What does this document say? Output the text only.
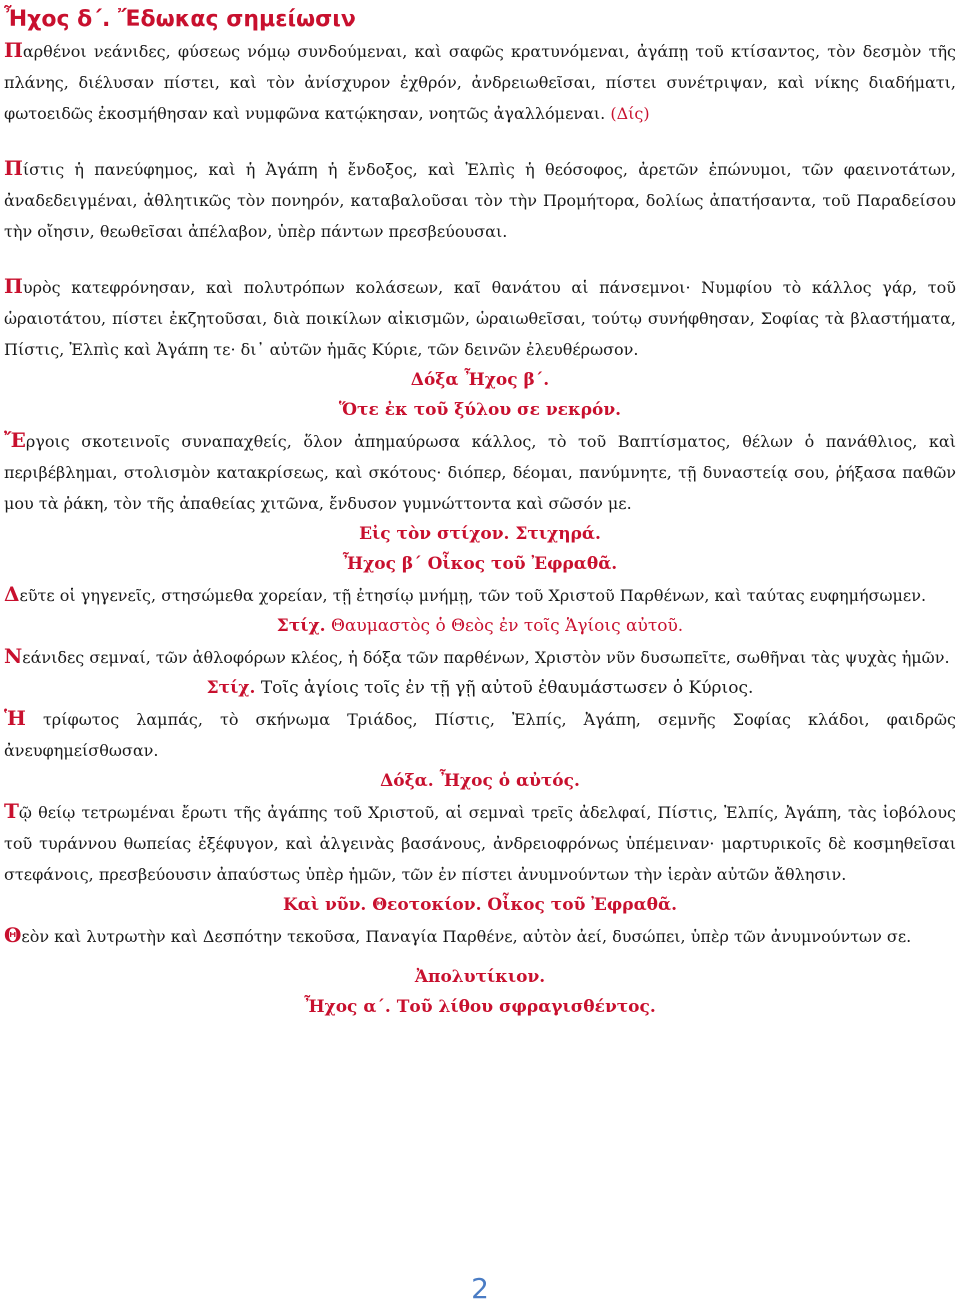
Ἦχος δ΄. Ἔδωκας σημείωσιν

Παρθένοι νεάνιδες, φύσεως νόμῳ συνδούμεναι, καὶ σαφῶς κρατυνόμεναι, ἀγάπῃ τοῦ κτίσαντος, τὸν δεσμὸν τῆς πλάνης, διέλυσαν πίστει, καὶ τὸν ἀνίσχυρον ἐχθρόν, ἀνδρειωθεῖσαι, πίστει συνέτριψαν, καὶ νίκης διαδήματι, φωτοειδῶς ἐκοσμήθησαν καὶ νυμφῶνα κατῴκησαν, νοητῶς ἀγαλλόμεναι. (Δίς)

Πίστις ἡ πανεύφημος, καὶ ἡ Ἀγάπη ἡ ἔνδοξος, καὶ Ἐλπὶς ἡ θεόσοφος, ἀρετῶν ἐπώνυμοι, τῶν φαεινοτάτων, ἀναδεδειγμέναι, ἀθλητικῶς τὸν πονηρόν, καταβαλοῦσαι τὸν τὴν Προμήτορα, δολίως ἀπατήσαντα, τοῦ Παραδείσου τὴν οἴησιν, θεωθεῖσαι ἀπέλαβον, ὑπὲρ πάντων πρεσβεύουσαι.

Πυρὸς κατεφρόνησαν, καὶ πολυτρόπων κολάσεων, καῖ θανάτου αἱ πάνσεμνοι· Νυμφίου τὸ κάλλος γάρ, τοῦ ὡραιοτάτου, πίστει ἐκζητοῦσαι, διὰ ποικίλων αἰκισμῶν, ὡραιωθεῖσαι, τούτῳ συνήφθησαν, Σοφίας τὰ βλαστήματα, Πίστις, Ἐλπὶς καὶ Ἀγάπη τε· δι᾽ αὐτῶν ἡμᾶς Κύριε, τῶν δεινῶν ἐλευθέρωσον.

Δόξα Ἦχος β΄.

Ὅτε ἐκ τοῦ ξύλου σε νεκρόν.

Ἔργοις σκοτεινοῖς συναπαχθείς, ὅλον ἀπημαύρωσα κάλλος, τὸ τοῦ Βαπτίσματος, θέλων ὁ πανάθλιος, καὶ περιβέβλημαι, στολισμὸν κατακρίσεως, καὶ σκότους· διόπερ, δέομαι, πανύμνητε, τῇ δυναστείᾳ σου, ῥήξασα παθῶν μου τὰ ῥάκη, τὸν τῆς ἀπαθείας χιτῶνα, ἔνδυσον γυμνώττοντα καὶ σῶσόν με.

Εἰς τὸν στίχον. Στιχηρά.

Ἦχος β΄ Οἶκος τοῦ Ἐφραθᾶ.

Δεῦτε οἱ γηγενεῖς, στησώμεθα χορείαν, τῇ ἐτησίῳ μνήμῃ, τῶν τοῦ Χριστοῦ Παρθένων, καὶ ταύτας ευφημήσωμεν.

Στίχ. Θαυμαστὸς ὁ Θεὸς ἐν τοῖς Ἁγίοις αὐτοῦ.

Νεάνιδες σεμναί, τῶν ἀθλοφόρων κλέος, ἡ δόξα τῶν παρθένων, Χριστὸν νῦν δυσωπεῖτε, σωθῆναι τὰς ψυχὰς ἡμῶν.

Στίχ. Τοῖς ἁγίοις τοῖς ἐν τῇ γῇ αὐτοῦ ἐθαυμάστωσεν ὁ Κύριος.

Ἡ τρίφωτος λαμπάς, τὸ σκήνωμα Τριάδος, Πίστις, Ἐλπίς, Ἀγάπη, σεμνῆς Σοφίας κλάδοι, φαιδρῶς ἀνευφημείσθωσαν.

Δόξα. Ἦχος ὁ αὐτός.

Τῷ θείῳ τετρωμέναι ἔρωτι τῆς ἀγάπης τοῦ Χριστοῦ, αἱ σεμναὶ τρεῖς ἀδελφαί, Πίστις, Ἐλπίς, Ἀγάπη, τὰς ἰοβόλους τοῦ τυράννου θωπείας ἐξέφυγον, καὶ ἀλγεινὰς βασάνους, ἀνδρειοφρόνως ὑπέμειναν· μαρτυρικοῖς δὲ κοσμηθεῖσαι στεφάνοις, πρεσβεύουσιν ἀπαύστως ὑπὲρ ἡμῶν, τῶν ἐν πίστει ἀνυμνούντων τὴν ἱερὰν αὐτῶν ἄθλησιν.

Καὶ νῦν. Θεοτοκίον. Οἶκος τοῦ Ἐφραθᾶ.

Θεὸν καὶ λυτρωτὴν καὶ Δεσπότην τεκοῦσα, Παναγία Παρθένε, αὐτὸν ἀεί, δυσώπει, ὑπὲρ τῶν ἀνυμνούντων σε.

Ἀπολυτίκιον.

Ἦχος α΄. Τοῦ λίθου σφραγισθέντος.

2
